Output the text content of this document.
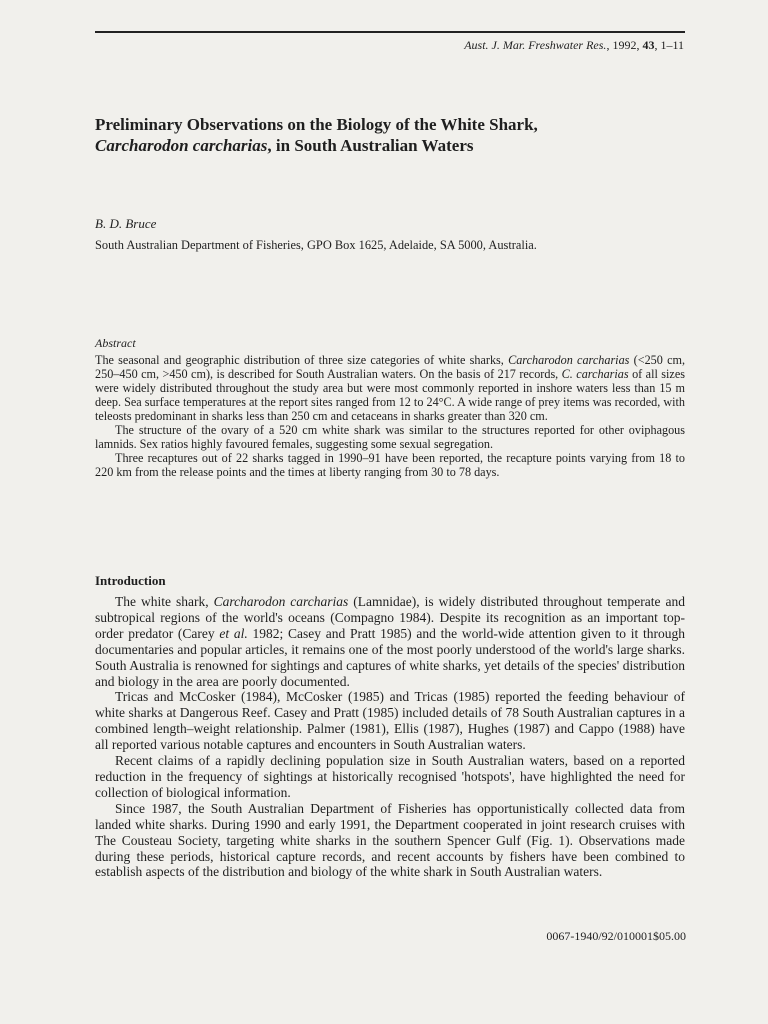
Aust. J. Mar. Freshwater Res., 1992, 43, 1–11
Preliminary Observations on the Biology of the White Shark,
Carcharodon carcharias, in South Australian Waters
B. D. Bruce
South Australian Department of Fisheries, GPO Box 1625, Adelaide, SA 5000, Australia.
Abstract

The seasonal and geographic distribution of three size categories of white sharks, Carcharodon carcharias (<250 cm, 250–450 cm, >450 cm), is described for South Australian waters. On the basis of 217 records, C. carcharias of all sizes were widely distributed throughout the study area but were most commonly reported in inshore waters less than 15 m deep. Sea surface temperatures at the report sites ranged from 12 to 24°C. A wide range of prey items was recorded, with teleosts predominant in sharks less than 250 cm and cetaceans in sharks greater than 320 cm.

The structure of the ovary of a 520 cm white shark was similar to the structures reported for other oviphagous lamnids. Sex ratios highly favoured females, suggesting some sexual segregation.

Three recaptures out of 22 sharks tagged in 1990–91 have been reported, the recapture points varying from 18 to 220 km from the release points and the times at liberty ranging from 30 to 78 days.

Introduction

The white shark, Carcharodon carcharias (Lamnidae), is widely distributed throughout temperate and subtropical regions of the world's oceans (Compagno 1984). Despite its recognition as an important top-order predator (Carey et al. 1982; Casey and Pratt 1985) and the world-wide attention given to it through documentaries and popular articles, it remains one of the most poorly understood of the world's large sharks. South Australia is renowned for sightings and captures of white sharks, yet details of the species' distribution and biology in the area are poorly documented.

Tricas and McCosker (1984), McCosker (1985) and Tricas (1985) reported the feeding behaviour of white sharks at Dangerous Reef. Casey and Pratt (1985) included details of 78 South Australian captures in a combined length–weight relationship. Palmer (1981), Ellis (1987), Hughes (1987) and Cappo (1988) have all reported various notable captures and encounters in South Australian waters.

Recent claims of a rapidly declining population size in South Australian waters, based on a reported reduction in the frequency of sightings at historically recognised 'hotspots', have highlighted the need for collection of biological information.

Since 1987, the South Australian Department of Fisheries has opportunistically collected data from landed white sharks. During 1990 and early 1991, the Department cooperated in joint research cruises with The Cousteau Society, targeting white sharks in the southern Spencer Gulf (Fig. 1). Observations made during these periods, historical capture records, and recent accounts by fishers have been combined to establish aspects of the distribution and biology of the white shark in South Australian waters.

0067-1940/92/010001$05.00
